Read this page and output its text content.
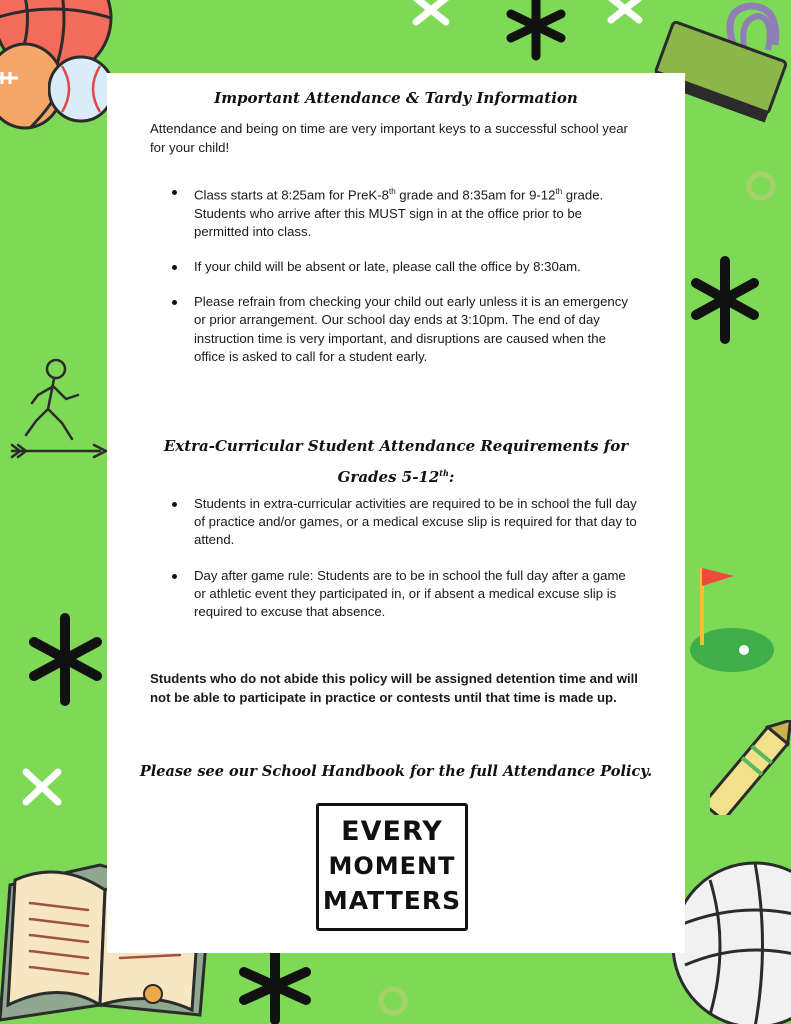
Important Attendance & Tardy Information

Attendance and being on time are very important keys to a successful school year for your child!

Class starts at 8:25am for PreK-8th grade and 8:35am for 9-12th grade. Students who arrive after this MUST sign in at the office prior to be permitted into class.
If your child will be absent or late, please call the office by 8:30am.
Please refrain from checking your child out early unless it is an emergency or prior arrangement. Our school day ends at 3:10pm. The end of day instruction time is very important, and disruptions are caused when the office is asked to call for a student early.
Extra-Curricular Student Attendance Requirements for
Grades 5-12th:
Students in extra-curricular activities are required to be in school the full day of practice and/or games, or a medical excuse slip is required for that day to attend.
Day after game rule: Students are to be in school the full day after a game or athletic event they participated in, or if absent a medical excuse slip is required to excuse that absence.

Students who do not abide this policy will be assigned detention time and will not be able to participate in practice or contests until that time is made up.

Please see our School Handbook for the full Attendance Policy.
EVERY
MOMENT
MATTERS
